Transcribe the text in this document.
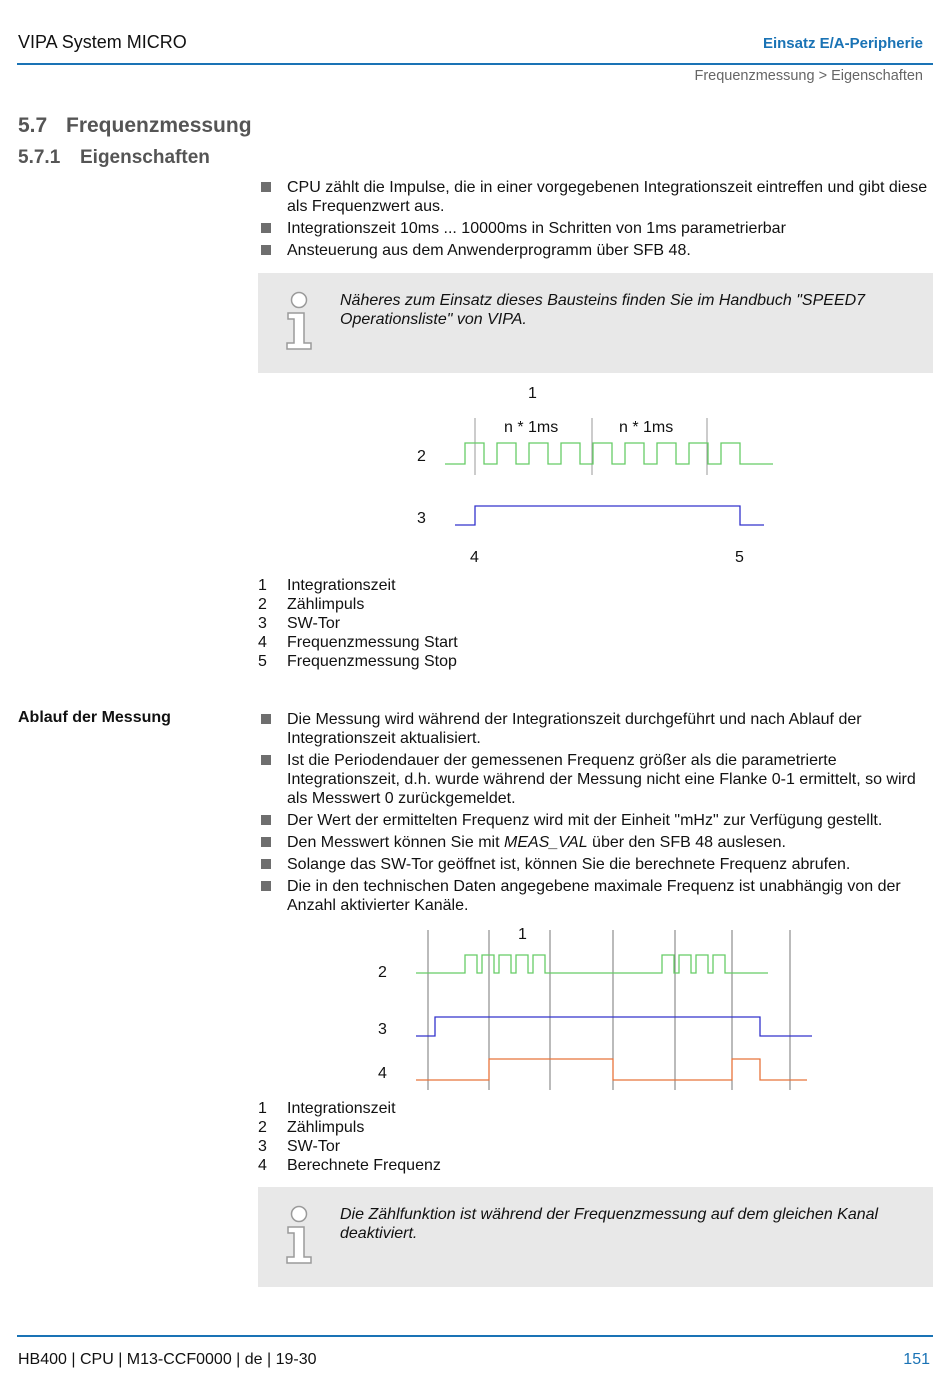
VIPA System MICRO	Einsatz E/A-Peripherie
Frequenzmessung > Eigenschaften
5.7 Frequenzmessung
5.7.1 Eigenschaften
CPU zählt die Impulse, die in einer vorgegebenen Integrationszeit eintreffen und gibt diese als Frequenzwert aus.
Integrationszeit 10ms ... 10000ms in Schritten von 1ms parametrierbar
Ansteuerung aus dem Anwenderprogramm über SFB 48.
Näheres zum Einsatz dieses Bausteins finden Sie im Handbuch "SPEED7 Operationsliste" von VIPA.
1
n * 1ms	n * 1ms
2
3
4	5
1 Integrationszeit
2 Zählimpuls
3 SW-Tor
4 Frequenzmessung Start
5 Frequenzmessung Stop
Ablauf der Messung	Die Messung wird während der Integrationszeit durchgeführt und nach Ablauf der Integrationszeit aktualisiert.
Ist die Periodendauer der gemessenen Frequenz größer als die parametrierte Integrationszeit, d.h. wurde während der Messung nicht eine Flanke 0-1 ermittelt, so wird als Messwert 0 zurückgemeldet.
Der Wert der ermittelten Frequenz wird mit der Einheit "mHz" zur Verfügung gestellt.
Den Messwert können Sie mit MEAS_VAL über den SFB 48 auslesen.
Solange das SW-Tor geöffnet ist, können Sie die berechnete Frequenz abrufen.
Die in den technischen Daten angegebene maximale Frequenz ist unabhängig von der Anzahl aktivierter Kanäle.
1
2
3
4
1 Integrationszeit
2 Zählimpuls
3 SW-Tor
4 Berechnete Frequenz
Die Zählfunktion ist während der Frequenzmessung auf dem gleichen Kanal deaktiviert.
HB400 | CPU | M13-CCF0000 | de | 19-30	151
